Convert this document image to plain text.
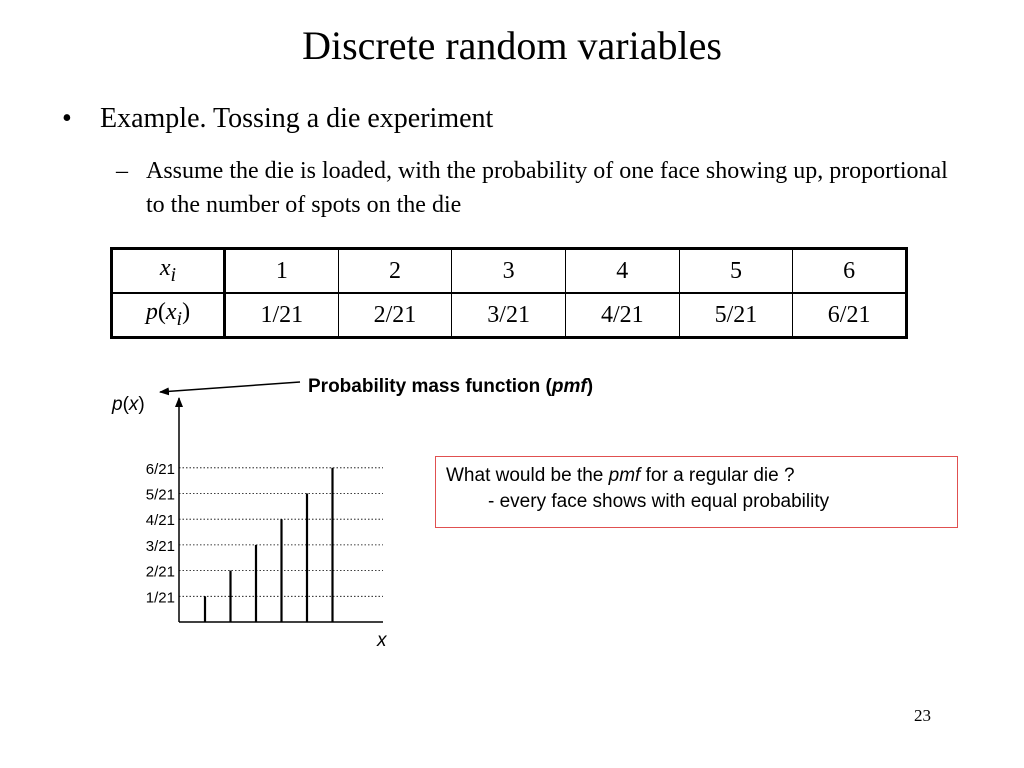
Discrete random variables
•	Example. Tossing a die experiment
– Assume the die is loaded, with the probability of one face showing up, proportional to the number of spots on the die
$x_i$	1	2	3	4	5	6
$p(x_i)$	1/21	2/21	3/21	4/21	5/21	6/21
Probability mass function (pmf)
p(x)
x
1/21
2/21
3/21
4/21
5/21
6/21	What would be the pmf for a regular die ?
- every face shows with equal probability
23
